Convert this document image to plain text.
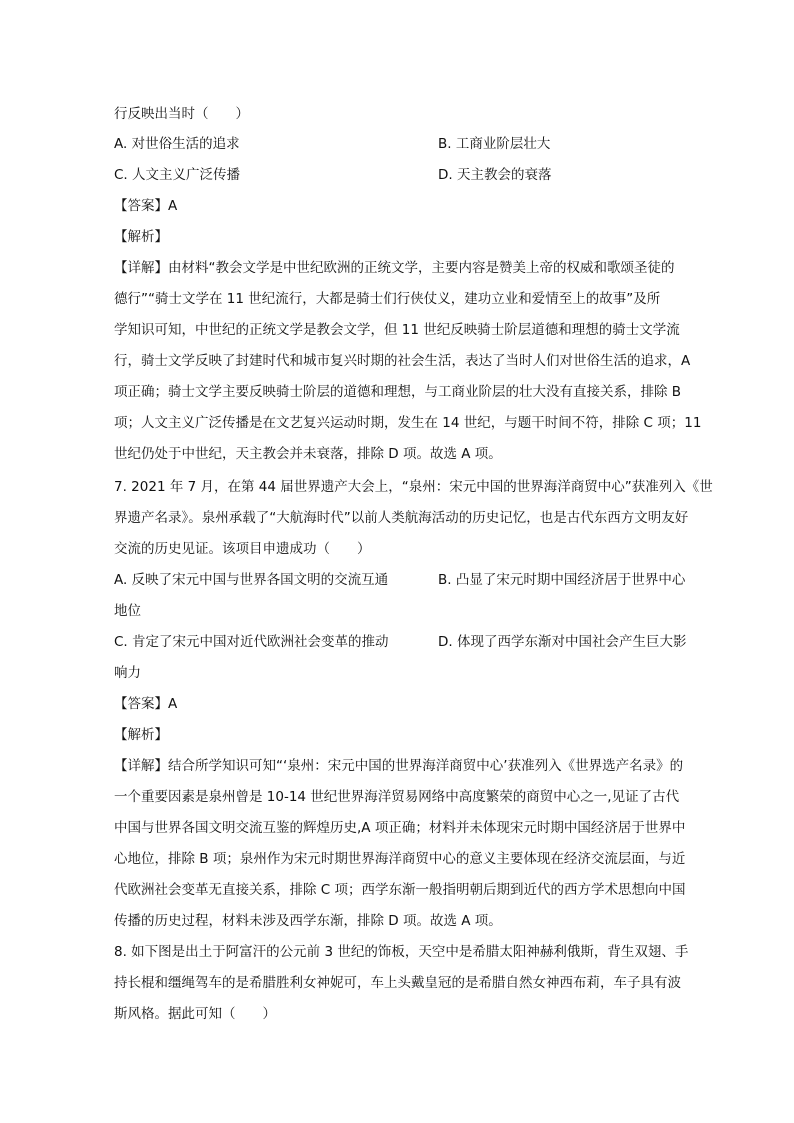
行反映出当时（　　）
A. 对世俗生活的追求	B. 工商业阶层壮大
C. 人文主义广泛传播	D. 天主教会的衰落
【答案】A
【解析】
【详解】由材料“教会文学是中世纪欧洲的正统文学，主要内容是赞美上帝的权威和歌颂圣徒的
德行”“骑士文学在 11 世纪流行，大都是骑士们行侠仗义，建功立业和爱情至上的故事”及所
学知识可知，中世纪的正统文学是教会文学，但 11 世纪反映骑士阶层道德和理想的骑士文学流
行，骑士文学反映了封建时代和城市复兴时期的社会生活，表达了当时人们对世俗生活的追求，A
项正确；骑士文学主要反映骑士阶层的道德和理想，与工商业阶层的壮大没有直接关系，排除 B
项；人文主义广泛传播是在文艺复兴运动时期，发生在 14 世纪，与题干时间不符，排除 C 项；11
世纪仍处于中世纪，天主教会并未衰落，排除 D 项。故选 A 项。
7. 2021 年 7 月，在第 44 届世界遗产大会上，“泉州：宋元中国的世界海洋商贸中心”获准列入《世
界遗产名录》。泉州承载了“大航海时代”以前人类航海活动的历史记忆，也是古代东西方文明友好
交流的历史见证。该项目申遗成功（　　）
A. 反映了宋元中国与世界各国文明的交流互通	B. 凸显了宋元时期中国经济居于世界中心
地位
C. 肯定了宋元中国对近代欧洲社会变革的推动	D. 体现了西学东渐对中国社会产生巨大影
响力
【答案】A
【解析】
【详解】结合所学知识可知“‘泉州：宋元中国的世界海洋商贸中心’获准列入《世界选产名录》的
一个重要因素是泉州曾是 10-14 世纪世界海洋贸易网络中高度繁荣的商贸中心之一,见证了古代
中国与世界各国文明交流互鉴的辉煌历史,A 项正确；材料并未体现宋元时期中国经济居于世界中
心地位，排除 B 项；泉州作为宋元时期世界海洋商贸中心的意义主要体现在经济交流层面，与近
代欧洲社会变革无直接关系，排除 C 项；西学东渐一般指明朝后期到近代的西方学术思想向中国
传播的历史过程，材料未涉及西学东渐，排除 D 项。故选 A 项。
8. 如下图是出土于阿富汗的公元前 3 世纪的饰板，天空中是希腊太阳神赫利俄斯，背生双翅、手
持长棍和缰绳驾车的是希腊胜利女神妮可，车上头戴皇冠的是希腊自然女神西布莉，车子具有波
斯风格。据此可知（　　）
